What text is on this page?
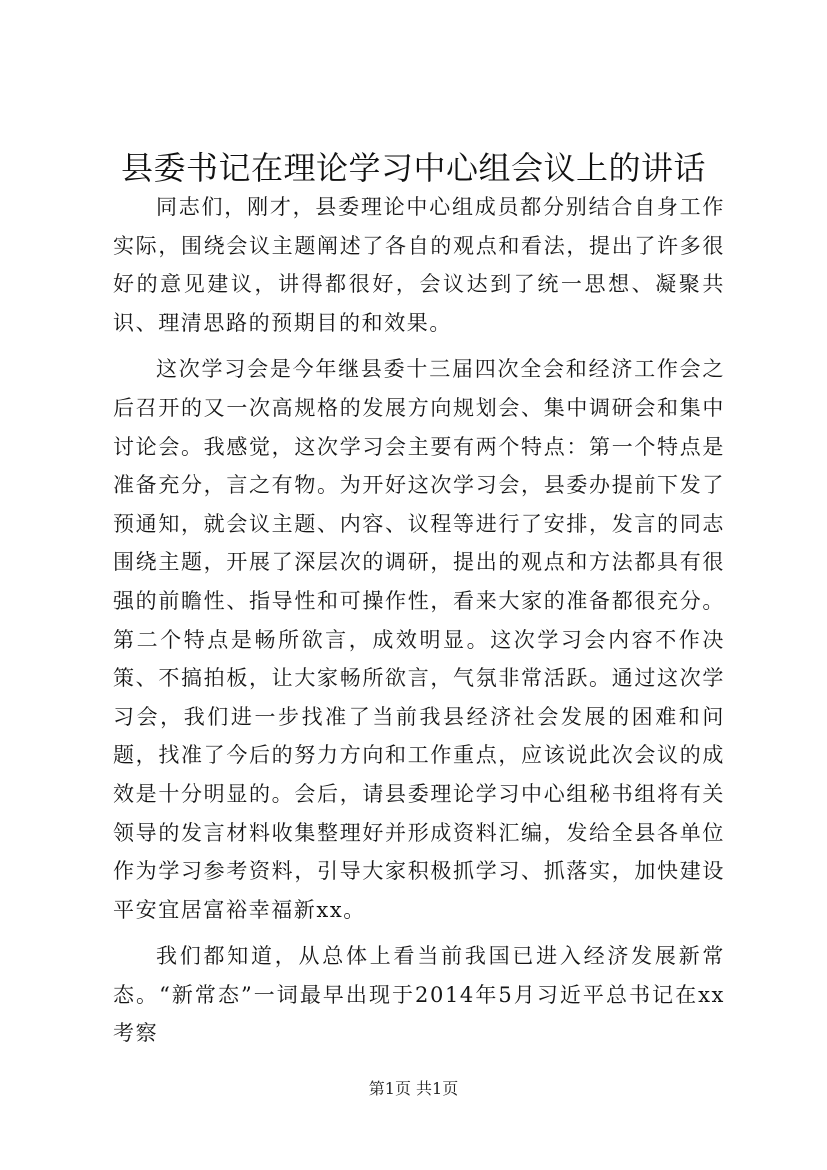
县委书记在理论学习中心组会议上的讲话

同志们，刚才，县委理论中心组成员都分别结合自身工作实际，围绕会议主题阐述了各自的观点和看法，提出了许多很好的意见建议，讲得都很好，会议达到了统一思想、凝聚共识、理清思路的预期目的和效果。

这次学习会是今年继县委十三届四次全会和经济工作会之后召开的又一次高规格的发展方向规划会、集中调研会和集中讨论会。我感觉，这次学习会主要有两个特点：第一个特点是准备充分，言之有物。为开好这次学习会，县委办提前下发了预通知，就会议主题、内容、议程等进行了安排，发言的同志围绕主题，开展了深层次的调研，提出的观点和方法都具有很强的前瞻性、指导性和可操作性，看来大家的准备都很充分。第二个特点是畅所欲言，成效明显。这次学习会内容不作决策、不搞拍板，让大家畅所欲言，气氛非常活跃。通过这次学习会，我们进一步找准了当前我县经济社会发展的困难和问题，找准了今后的努力方向和工作重点，应该说此次会议的成效是十分明显的。会后，请县委理论学习中心组秘书组将有关领导的发言材料收集整理好并形成资料汇编，发给全县各单位作为学习参考资料，引导大家积极抓学习、抓落实，加快建设平安宜居富裕幸福新xx。

我们都知道，从总体上看当前我国已进入经济发展新常态。“新常态”一词最早出现于2014年5月习近平总书记在xx考察

第1页 共1页
